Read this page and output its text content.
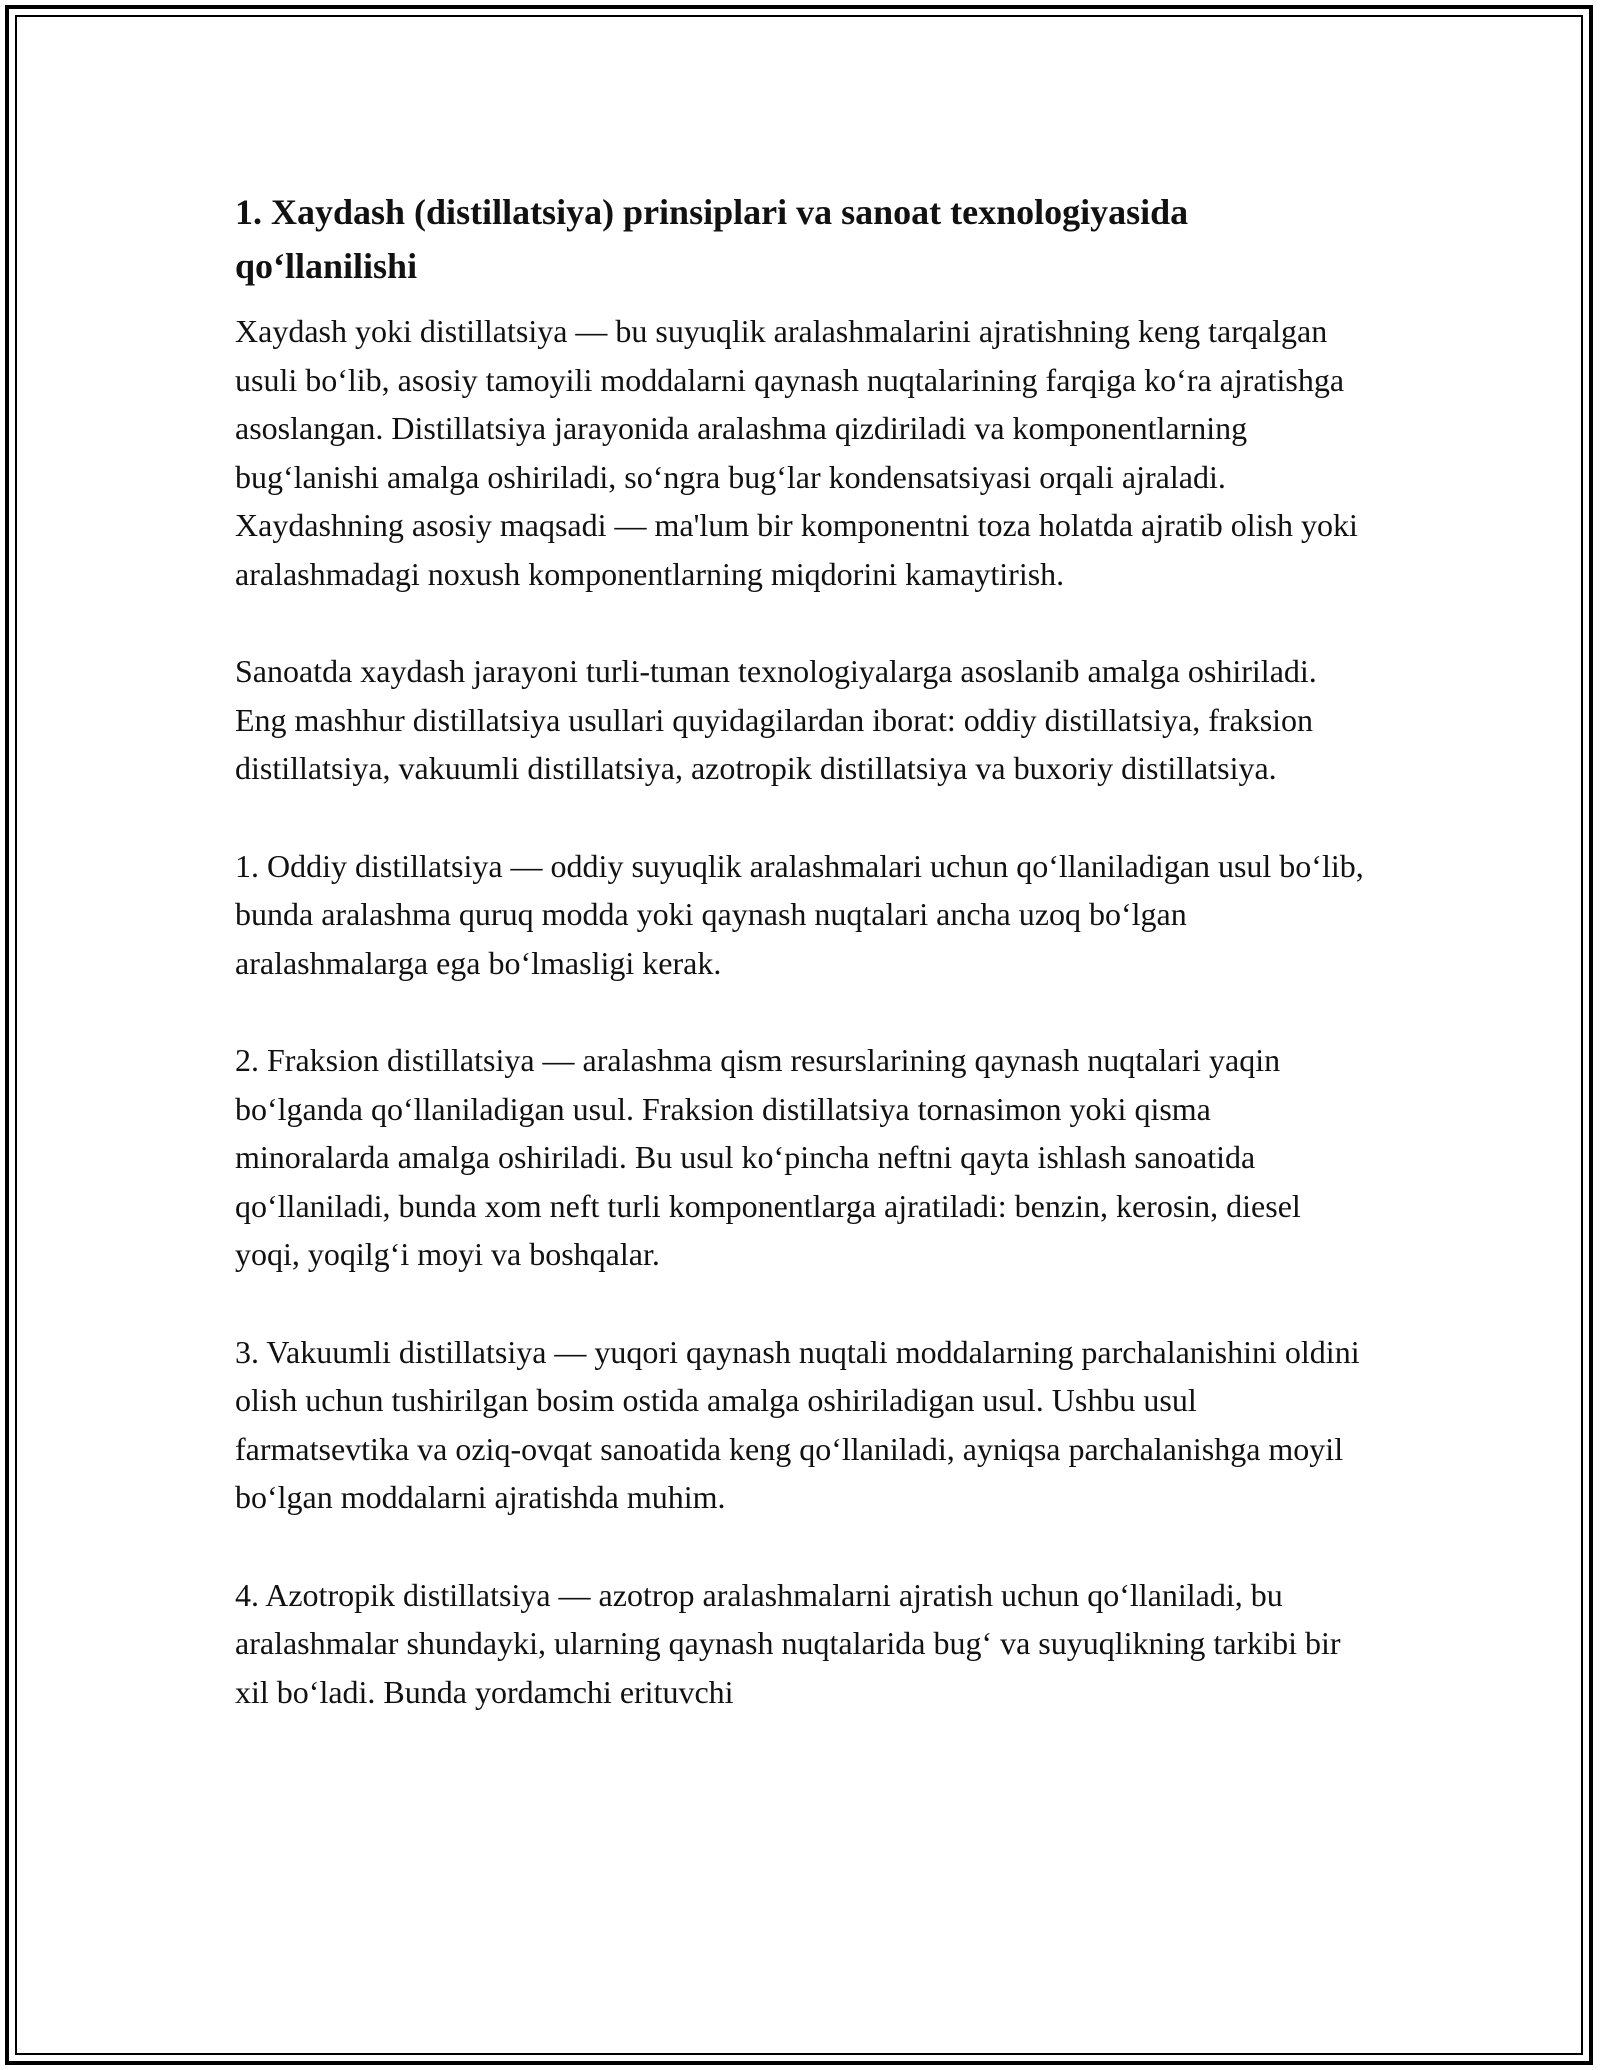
1. Xaydash (distillatsiya) prinsiplari va sanoat texnologiyasida qo‘llanilishi

Xaydash yoki distillatsiya — bu suyuqlik aralashmalarini ajratishning keng tarqalgan usuli bo‘lib, asosiy tamoyili moddalarni qaynash nuqtalarining farqiga ko‘ra ajratishga asoslangan. Distillatsiya jarayonida aralashma qizdiriladi va komponentlarning bug‘lanishi amalga oshiriladi, so‘ngra bug‘lar kondensatsiyasi orqali ajraladi. Xaydashning asosiy maqsadi — ma'lum bir komponentni toza holatda ajratib olish yoki aralashmadagi noxush komponentlarning miqdorini kamaytirish.

Sanoatda xaydash jarayoni turli-tuman texnologiyalarga asoslanib amalga oshiriladi. Eng mashhur distillatsiya usullari quyidagilardan iborat: oddiy distillatsiya, fraksion distillatsiya, vakuumli distillatsiya, azotropik distillatsiya va buxoriy distillatsiya.

1. Oddiy distillatsiya — oddiy suyuqlik aralashmalari uchun qo‘llaniladigan usul bo‘lib, bunda aralashma quruq modda yoki qaynash nuqtalari ancha uzoq bo‘lgan aralashmalarga ega bo‘lmasligi kerak.

2. Fraksion distillatsiya — aralashma qism resurslarining qaynash nuqtalari yaqin bo‘lganda qo‘llaniladigan usul. Fraksion distillatsiya tornasimon yoki qisma minoralarda amalga oshiriladi. Bu usul ko‘pincha neftni qayta ishlash sanoatida qo‘llaniladi, bunda xom neft turli komponentlarga ajratiladi: benzin, kerosin, diesel yoqi, yoqilg‘i moyi va boshqalar.

3. Vakuumli distillatsiya — yuqori qaynash nuqtali moddalarning parchalanishini oldini olish uchun tushirilgan bosim ostida amalga oshiriladigan usul. Ushbu usul farmatsevtika va oziq-ovqat sanoatida keng qo‘llaniladi, ayniqsa parchalanishga moyil bo‘lgan moddalarni ajratishda muhim.

4. Azotropik distillatsiya — azotrop aralashmalarni ajratish uchun qo‘llaniladi, bu aralashmalar shundayki, ularning qaynash nuqtalarida bug‘ va suyuqlikning tarkibi bir xil bo‘ladi. Bunda yordamchi erituvchi
